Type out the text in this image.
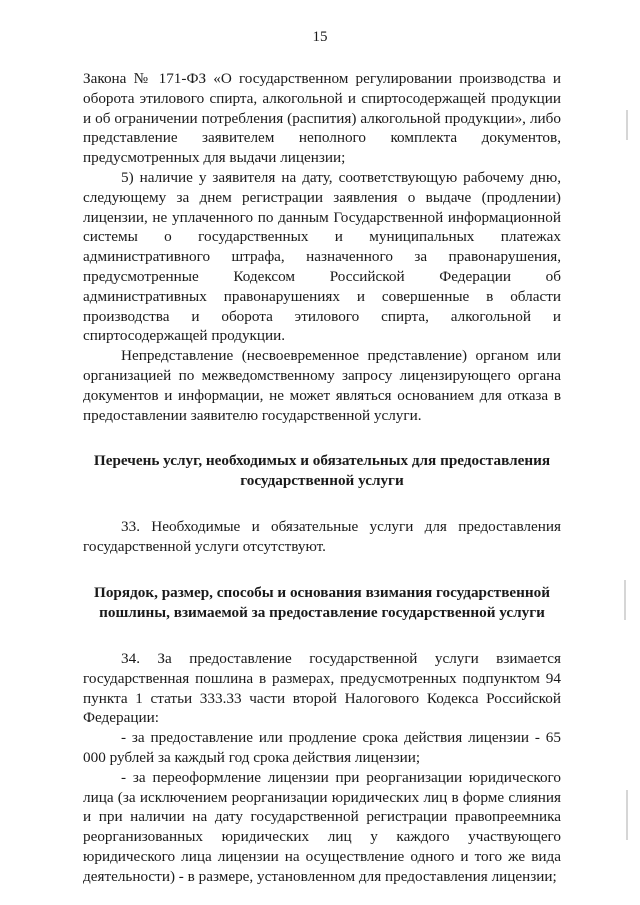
15

Закона № 171-ФЗ «О государственном регулировании производства и оборота этилового спирта, алкогольной и спиртосодержащей продукции и об ограничении потребления (распития) алкогольной продукции», либо представление заявителем неполного комплекта документов, предусмотренных для выдачи лицензии;

5) наличие у заявителя на дату, соответствующую рабочему дню, следующему за днем регистрации заявления о выдаче (продлении) лицензии, не уплаченного по данным Государственной информационной системы о государственных и муниципальных платежах административного штрафа, назначенного за правонарушения, предусмотренные Кодексом Российской Федерации об административных правонарушениях и совершенные в области производства и оборота этилового спирта, алкогольной и спиртосодержащей продукции.

Непредставление (несвоевременное представление) органом или организацией по межведомственному запросу лицензирующего органа документов и информации, не может являться основанием для отказа в предоставлении заявителю государственной услуги.

Перечень услуг, необходимых и обязательных для предоставления государственной услуги

33. Необходимые и обязательные услуги для предоставления государственной услуги отсутствуют.

Порядок, размер, способы и основания взимания государственной пошлины, взимаемой за предоставление государственной услуги

34. За предоставление государственной услуги взимается государственная пошлина в размерах, предусмотренных подпунктом 94 пункта 1 статьи 333.33 части второй Налогового Кодекса Российской Федерации:

- за предоставление или продление срока действия лицензии - 65 000 рублей за каждый год срока действия лицензии;

- за переоформление лицензии при реорганизации юридического лица (за исключением реорганизации юридических лиц в форме слияния и при наличии на дату государственной регистрации правопреемника реорганизованных юридических лиц у каждого участвующего юридического лица лицензии на осуществление одного и того же вида деятельности) - в размере, установленном для предоставления лицензии;
